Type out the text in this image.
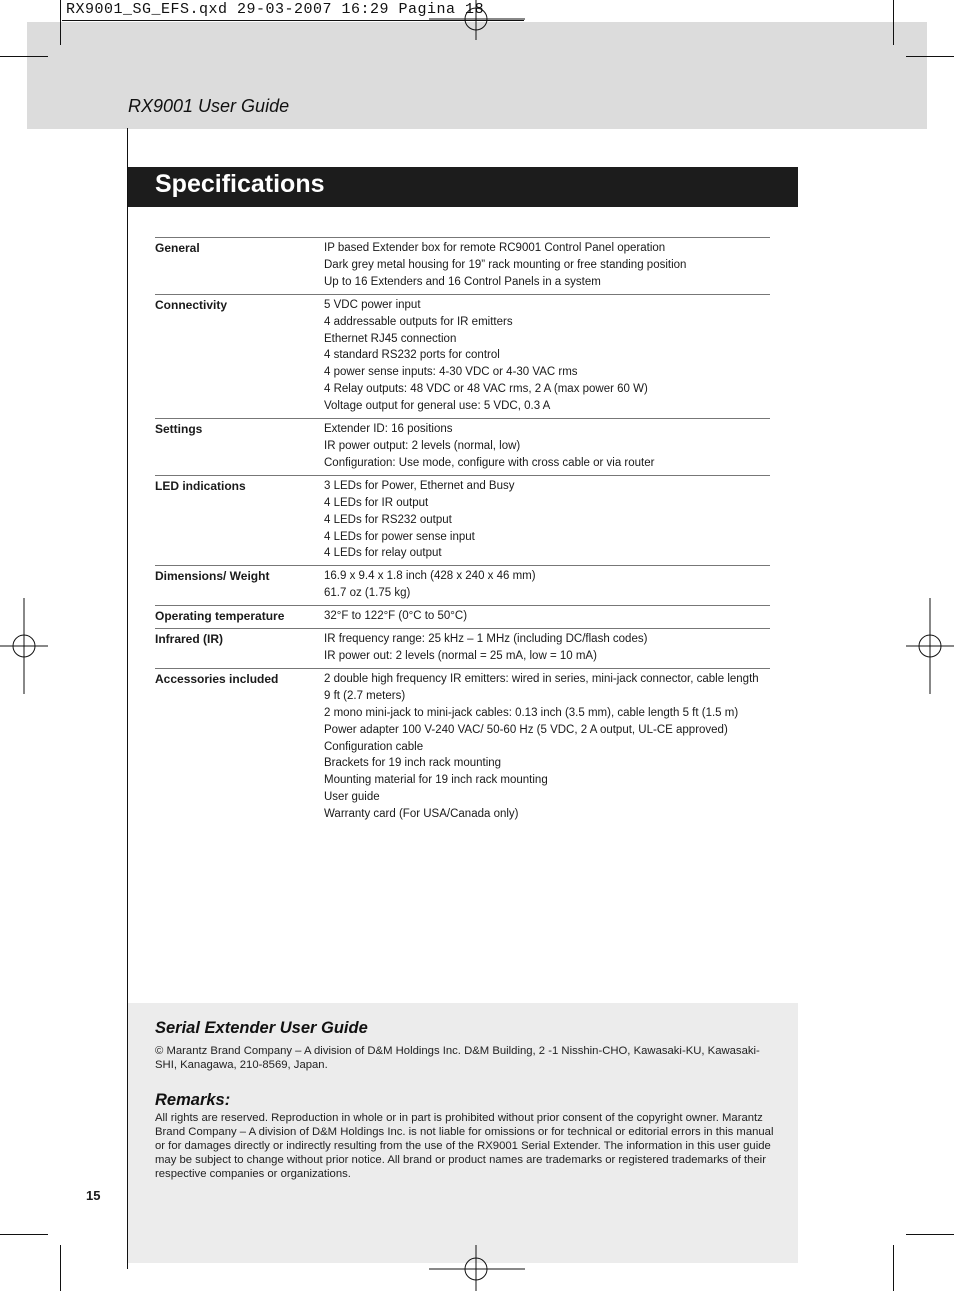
RX9001_SG_EFS.qxd 29-03-2007 16:29 Pagina 18
RX9001 User Guide
Specifications
General	IP based Extender box for remote RC9001 Control Panel operation
Dark grey metal housing for 19” rack mounting or free standing position
Up to 16 Extenders and 16 Control Panels in a system
Connectivity	5 VDC power input
4 addressable outputs for IR emitters
Ethernet RJ45 connection
4 standard RS232 ports for control
4 power sense inputs: 4-30 VDC or 4-30 VAC rms
4 Relay outputs: 48 VDC or 48 VAC rms, 2 A (max power 60 W)
Voltage output for general use: 5 VDC, 0.3 A
Settings	Extender ID: 16 positions
IR power output: 2 levels (normal, low)
Configuration: Use mode, configure with cross cable or via router
LED indications	3 LEDs for Power, Ethernet and Busy
4 LEDs for IR output
4 LEDs for RS232 output
4 LEDs for power sense input
4 LEDs for relay output
Dimensions/ Weight	16.9 x 9.4 x 1.8 inch (428 x 240 x 46 mm)
61.7 oz (1.75 kg)
Operating temperature	32°F to 122°F (0°C to 50°C)
Infrared (IR)	IR frequency range: 25 kHz – 1 MHz (including DC/flash codes)
IR power out: 2 levels (normal = 25 mA, low = 10 mA)
Accessories included	2 double high frequency IR emitters: wired in series, mini-jack connector, cable length
9 ft (2.7 meters)
2 mono mini-jack to mini-jack cables: 0.13 inch (3.5 mm), cable length 5 ft (1.5 m)
Power adapter 100 V-240 VAC/ 50-60 Hz (5 VDC, 2 A output, UL-CE approved)
Configuration cable
Brackets for 19 inch rack mounting
Mounting material for 19 inch rack mounting
User guide
Warranty card (For USA/Canada only)
Serial Extender User Guide
© Marantz Brand Company – A division of D&M Holdings Inc. D&M Building, 2 -1 Nisshin-CHO, Kawasaki-KU, Kawasaki-SHI, Kanagawa, 210-8569, Japan.
Remarks:
All rights are reserved. Reproduction in whole or in part is prohibited without prior consent of the copyright owner. Marantz Brand Company – A division of D&M Holdings Inc. is not liable for omissions or for technical or editorial errors in this manual or for damages directly or indirectly resulting from the use of the RX9001 Serial Extender. The information in this user guide may be subject to change without prior notice. All brand or product names are trademarks or registered trademarks of their respective companies or organizations.
15
